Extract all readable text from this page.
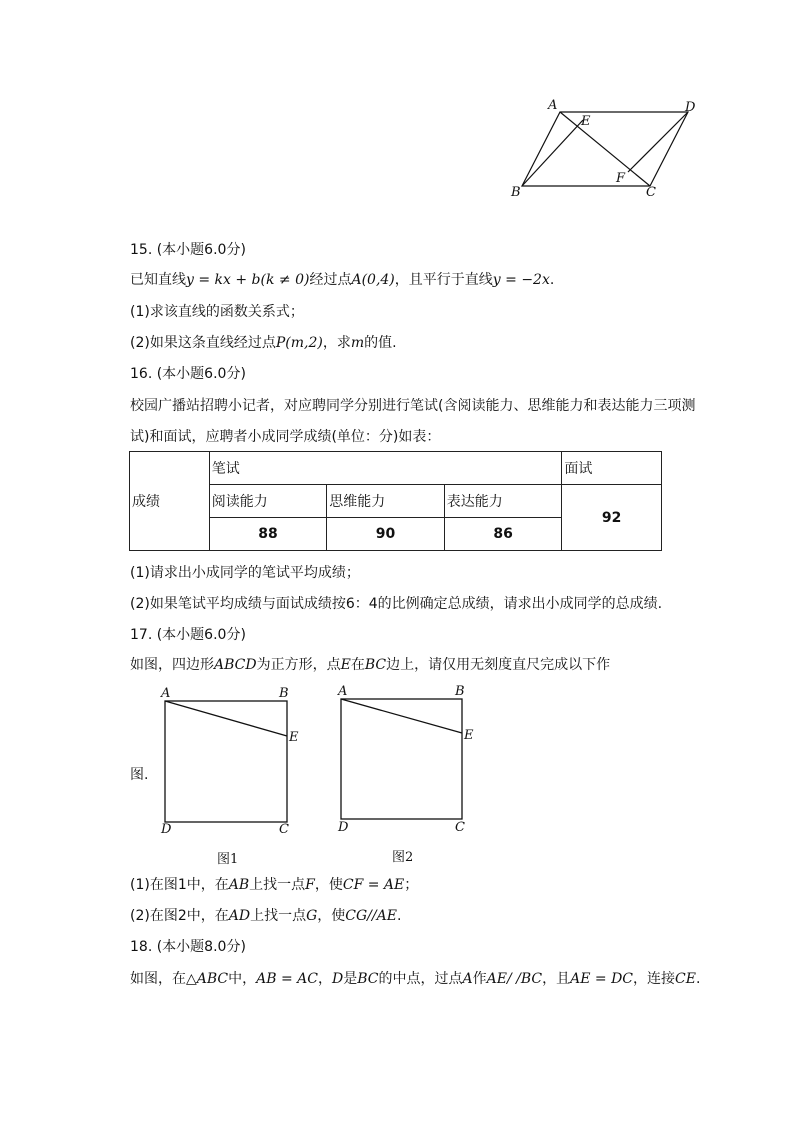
A	D
E
F
B	C
15. (本小题6.0分)
已知直线y = kx + b(k ≠ 0)经过点A(0,4)，且平行于直线y = −2x.
(1)求该直线的函数关系式；
(2)如果这条直线经过点P(m,2)，求m的值.
16. (本小题6.0分)
校园广播站招聘小记者，对应聘同学分别进行笔试(含阅读能力、思维能力和表达能力三项测
试)和面试，应聘者小成同学成绩(单位：分)如表：
成绩	笔试			面试
	阅读能力	思维能力	表达能力	92
	88	90	86	
(1)请求出小成同学的笔试平均成绩；
(2)如果笔试平均成绩与面试成绩按6：4的比例确定总成绩，请求出小成同学的总成绩.
17. (本小题6.0分)
如图，四边形ABCD为正方形，点E在BC边上，请仅用无刻度直尺完成以下作
A	B
E
D	C
A	B
E
D	C
图.
图1	图2
(1)在图1中，在AB上找一点F，使CF = AE；
(2)在图2中，在AD上找一点G，使CG//AE.
18. (本小题8.0分)
如图，在△ABC中，AB = AC，D是BC的中点，过点A作AE/ /BC，且AE = DC，连接CE.
